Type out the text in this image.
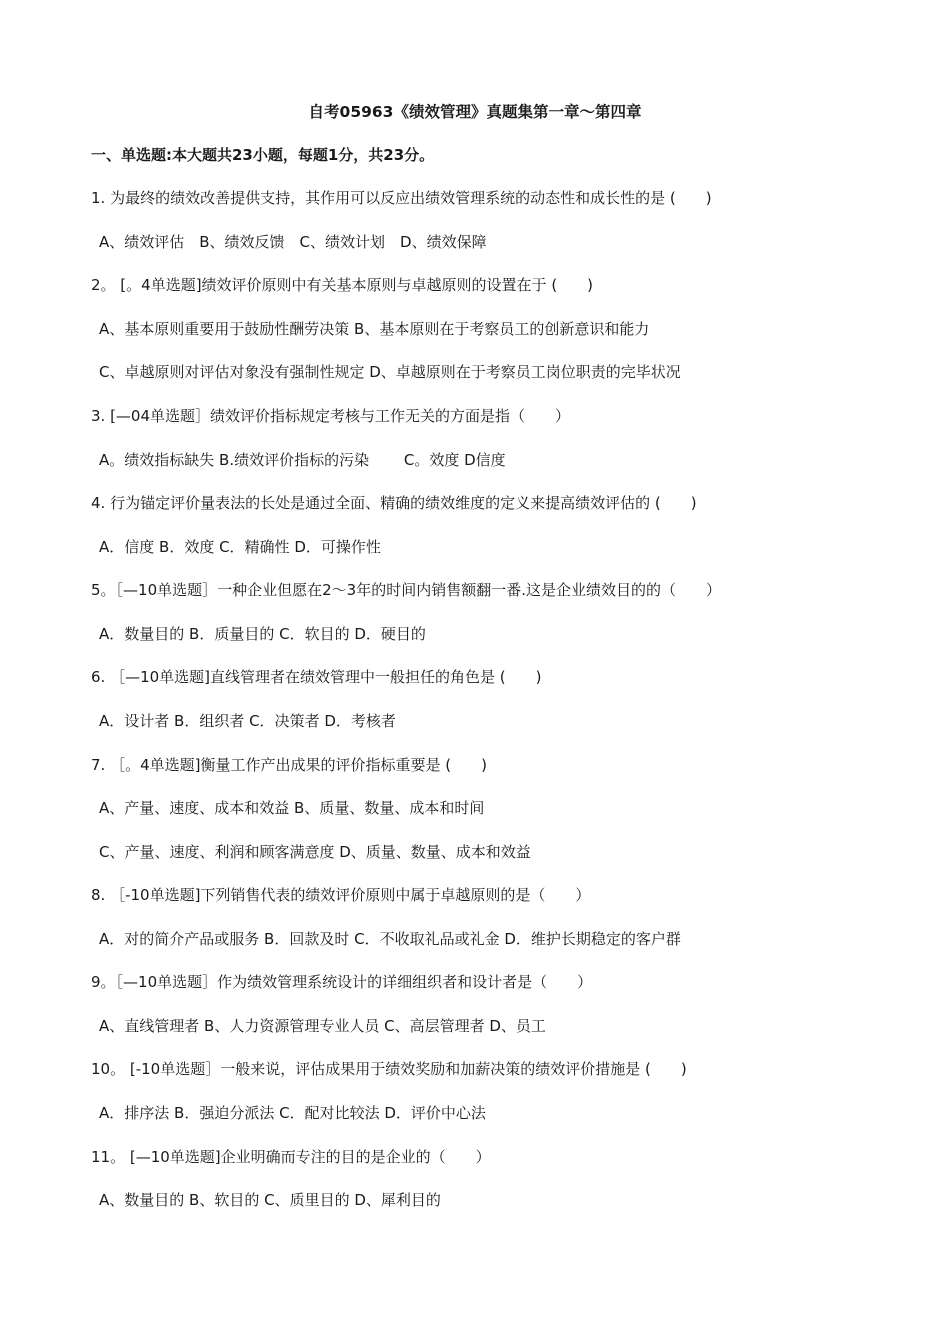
自考05963《绩效管理》真题集第一章～第四章
一、单选题:本大题共23小题，每题1分，共23分。
1. 为最终的绩效改善提供支持，其作用可以反应出绩效管理系统的动态性和成长性的是 (　　)
A、绩效评估　B、绩效反馈　C、绩效计划　D、绩效保障
2。 [。4单选题]绩效评价原则中有关基本原则与卓越原则的设置在于 (　　)
A、基本原则重要用于鼓励性酬劳决策 B、基本原则在于考察员工的创新意识和能力
C、卓越原则对评估对象没有强制性规定 D、卓越原则在于考察员工岗位职责的完毕状况
3. [—04单选题］绩效评价指标规定考核与工作无关的方面是指（　　）
A。绩效指标缺失 B.绩效评价指标的污染　　 C。效度 D信度
4. 行为锚定评价量表法的长处是通过全面、精确的绩效维度的定义来提高绩效评估的 (　　)
A．信度 B．效度 C．精确性 D．可操作性
5。［—10单选题］一种企业但愿在2～3年的时间内销售额翻一番.这是企业绩效目的的（　　）
A．数量目的 B．质量目的 C．软目的 D．硬目的
6. ［—10单选题]直线管理者在绩效管理中一般担任的角色是 (　　)
A．设计者 B．组织者 C．决策者 D．考核者
7. ［。4单选题]衡量工作产出成果的评价指标重要是 (　　)
A、产量、速度、成本和效益 B、质量、数量、成本和时间
C、产量、速度、利润和顾客满意度 D、质量、数量、成本和效益
8. ［-10单选题]下列销售代表的绩效评价原则中属于卓越原则的是（　　）
A．对的简介产品或服务 B．回款及时 C．不收取礼品或礼金 D．维护长期稳定的客户群
9。［—10单选题］作为绩效管理系统设计的详细组织者和设计者是（　　）
A、直线管理者 B、人力资源管理专业人员 C、高层管理者 D、员工
10。 [-10单选题］一般来说，评估成果用于绩效奖励和加薪决策的绩效评价措施是 (　　)
A．排序法 B．强迫分派法 C．配对比较法 D．评价中心法
11。 [—10单选题]企业明确而专注的目的是企业的（　　）
A、数量目的 B、软目的 C、质里目的 D、犀利目的
